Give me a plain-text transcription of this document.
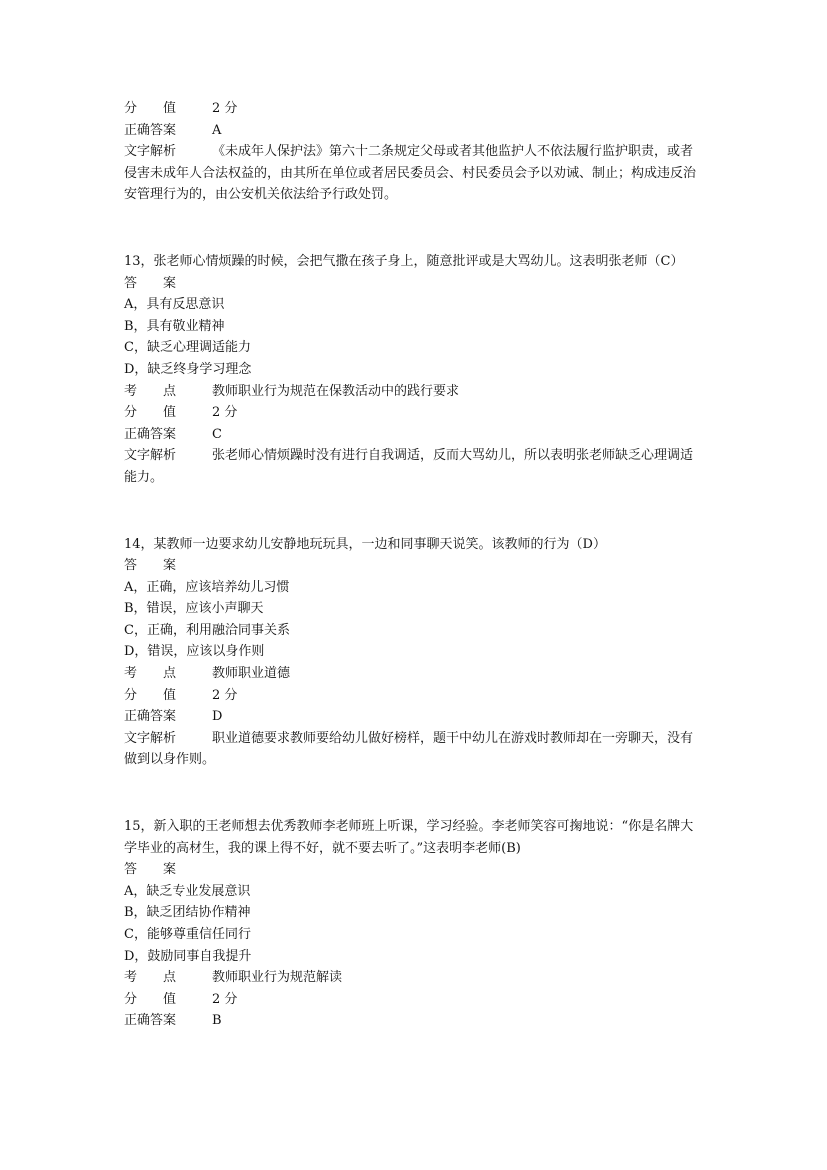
分　　值	2 分
正确答案	A
文字解析	《未成年人保护法》第六十二条规定父母或者其他监护人不依法履行监护职责，或者侵害未成年人合法权益的，由其所在单位或者居民委员会、村民委员会予以劝诫、制止；构成违反治安管理行为的，由公安机关依法给予行政处罚。
13，张老师心情烦躁的时候，会把气撒在孩子身上，随意批评或是大骂幼儿。这表明张老师（C）
答　　案
A，具有反思意识
B，具有敬业精神
C，缺乏心理调适能力
D，缺乏终身学习理念
考　　点	教师职业行为规范在保教活动中的践行要求
分　　值	2 分
正确答案	C
文字解析	张老师心情烦躁时没有进行自我调适，反而大骂幼儿，所以表明张老师缺乏心理调适能力。
14，某教师一边要求幼儿安静地玩玩具，一边和同事聊天说笑。该教师的行为（D）
答　　案
A，正确，应该培养幼儿习惯
B，错误，应该小声聊天
C，正确，利用融洽同事关系
D，错误，应该以身作则
考　　点	教师职业道德
分　　值	2 分
正确答案	D
文字解析	职业道德要求教师要给幼儿做好榜样，题干中幼儿在游戏时教师却在一旁聊天，没有做到以身作则。
15，新入职的王老师想去优秀教师李老师班上听课，学习经验。李老师笑容可掬地说：“你是名牌大学毕业的高材生，我的课上得不好，就不要去听了。”这表明李老师(B)
答　　案
A，缺乏专业发展意识
B，缺乏团结协作精神
C，能够尊重信任同行
D，鼓励同事自我提升
考　　点	教师职业行为规范解读
分　　值	2 分
正确答案	B
